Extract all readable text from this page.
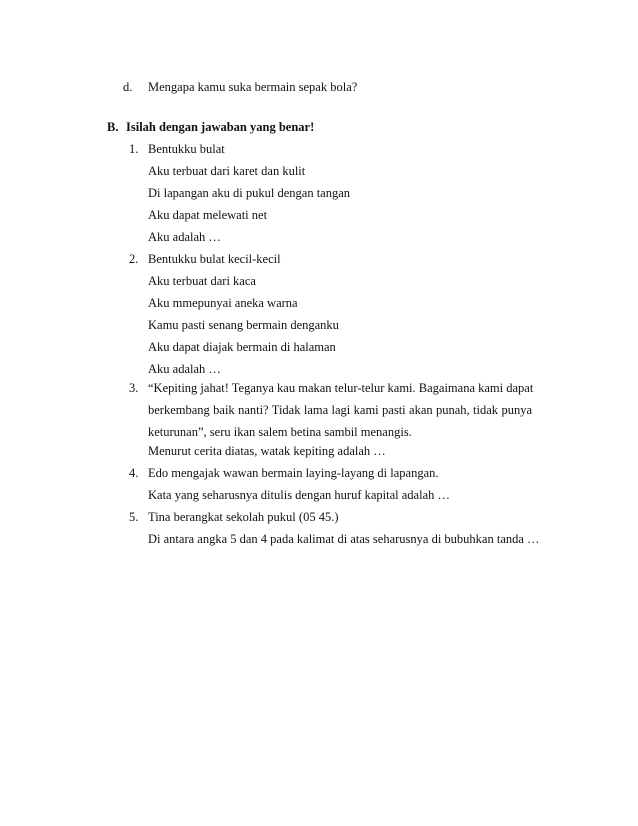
d. Mengapa kamu suka bermain sepak bola?
B. Isilah dengan jawaban yang benar!
1. Bentukku bulat
Aku terbuat dari karet dan kulit
Di lapangan aku di pukul dengan tangan
Aku dapat melewati net
Aku adalah …
2. Bentukku bulat kecil-kecil
Aku terbuat dari kaca
Aku mmepunyai aneka warna
Kamu pasti senang bermain denganku
Aku dapat diajak bermain di halaman
Aku adalah …
3. “Kepiting jahat! Teganya kau makan telur-telur kami. Bagaimana kami dapat
berkembang baik nanti? Tidak lama lagi kami pasti akan punah, tidak punya
keturunan”, seru ikan salem betina sambil menangis.
Menurut cerita diatas, watak kepiting adalah …
4. Edo mengajak wawan bermain laying-layang di lapangan.
Kata yang seharusnya ditulis dengan huruf kapital adalah …
5. Tina berangkat sekolah pukul (05 45.)
Di antara angka 5 dan 4 pada kalimat di atas seharusnya di bubuhkan tanda …
